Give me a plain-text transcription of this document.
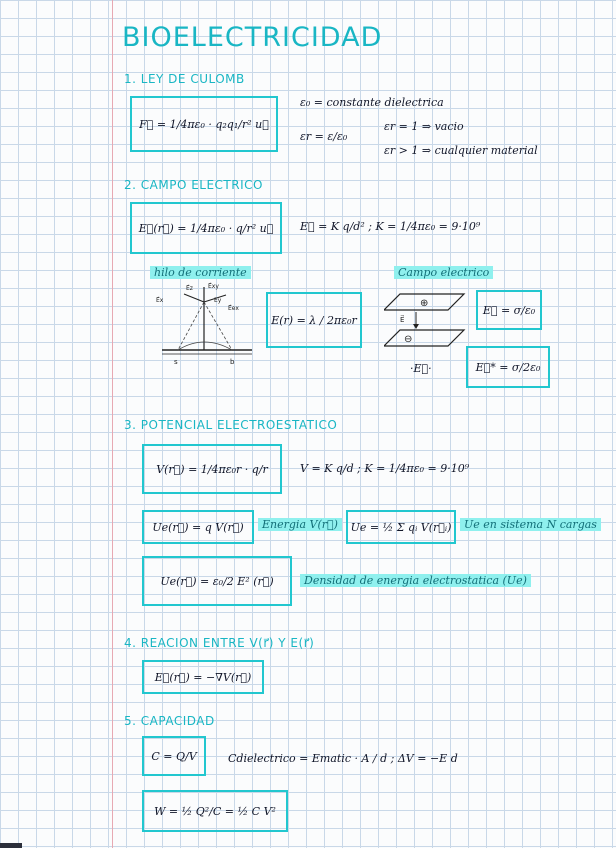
BIOELECTRICIDAD
1. LEY DE CULOMB
F⃗ = 1/4πε₀ · q₂q₁/r² u⃗
ε₀ = constante dielectrica
εr = ε/ε₀
εr = 1 ⇒ vacio
εr > 1 ⇒ cualquier material
2. CAMPO ELECTRICO
E⃗(r⃗) = 1/4πε₀ · q/r² u⃗	E⃗ = K q/d² ; K = 1/4πε₀ = 9·10⁹
hilo de corriente	Campo electrico
E⃗z
E⃗x	Ey
E⃗xy
E⃗ex
s	b
E(r) = λ / 2πε₀r
⊕
⊖
E⃗
E⃗ = σ/ε₀
·E⃗·	E⃗* = σ/2ε₀
3. POTENCIAL ELECTROESTATICO
V(r⃗) = 1/4πε₀r · q/r	V = K q/d ; K = 1/4πε₀ = 9·10⁹
Ue(r⃗) = q V(r⃗)	Energia V(r⃗)	Ue = ½ Σ qᵢ V(r⃗ᵢ)	Ue en sistema N cargas
Ue(r⃗) = ε₀/2 E² (r⃗)	Densidad de energia electrostatica (Ue)
4. REACION ENTRE V(r⃗) Y E(r⃗)
E⃗(r⃗) = −∇V(r⃗)
5. CAPACIDAD
C = Q/V	Cdielectrico = Ematic · A / d ; ΔV = −E d
W = ½ Q²/C = ½ C V²
